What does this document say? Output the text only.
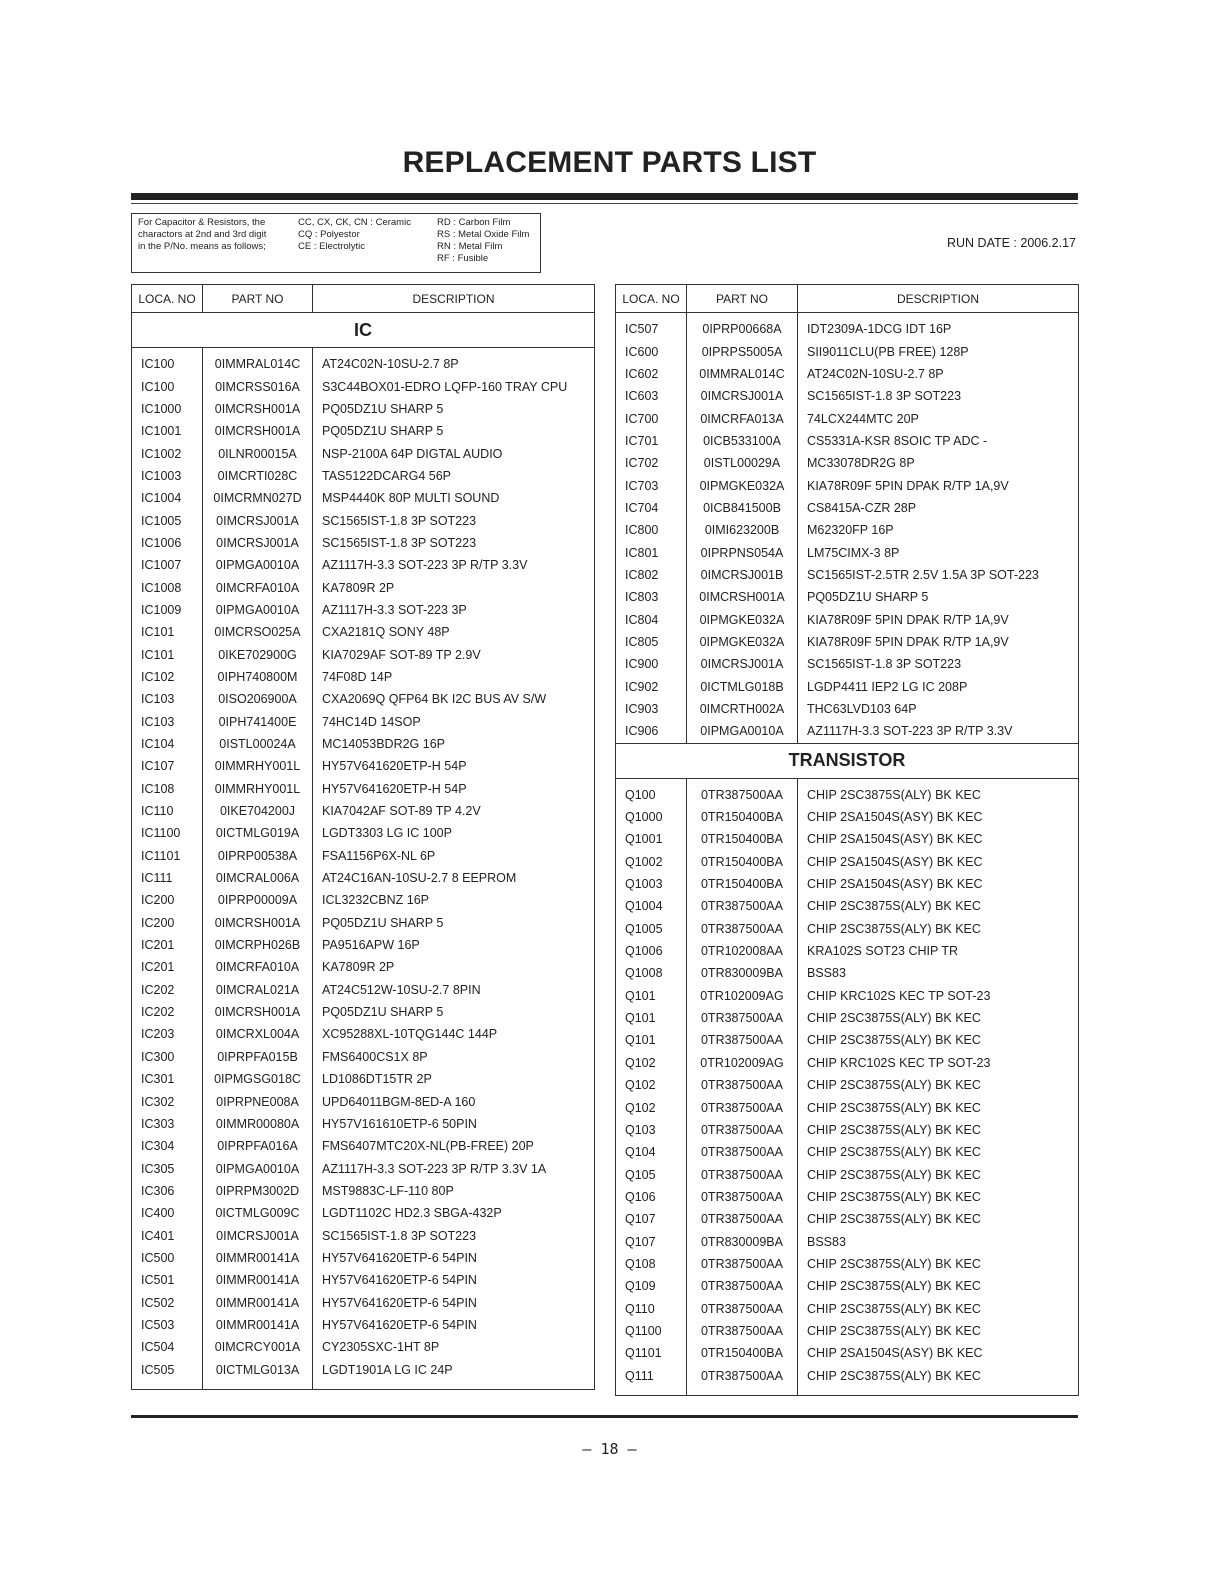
REPLACEMENT PARTS LIST
For Capacitor & Resistors, the
charactors at 2nd and 3rd digit
in the P/No. means as follows;
CC, CX, CK, CN : Ceramic
CQ : Polyestor
CE : Electrolytic
RD : Carbon Film
RS : Metal Oxide Film
RN : Metal Film
RF : Fusible
RUN DATE : 2006.2.17
LOCA. NO	PART NO	DESCRIPTION
IC		

IC100	0IMMRAL014C	AT24C02N-10SU-2.7 8P
IC100	0IMCRSS016A	S3C44BOX01-EDRO LQFP-160 TRAY CPU
IC1000	0IMCRSH001A	PQ05DZ1U SHARP 5
IC1001	0IMCRSH001A	PQ05DZ1U SHARP 5
IC1002	0ILNR00015A	NSP-2100A 64P DIGTAL AUDIO
IC1003	0IMCRTI028C	TAS5122DCARG4 56P
IC1004	0IMCRMN027D	MSP4440K 80P MULTI SOUND
IC1005	0IMCRSJ001A	SC1565IST-1.8 3P SOT223
IC1006	0IMCRSJ001A	SC1565IST-1.8 3P SOT223
IC1007	0IPMGA0010A	AZ1117H-3.3 SOT-223 3P R/TP 3.3V
IC1008	0IMCRFA010A	KA7809R 2P
IC1009	0IPMGA0010A	AZ1117H-3.3 SOT-223 3P
IC101	0IMCRSO025A	CXA2181Q SONY 48P
IC101	0IKE702900G	KIA7029AF SOT-89 TP 2.9V
IC102	0IPH740800M	74F08D 14P
IC103	0ISO206900A	CXA2069Q QFP64 BK I2C BUS AV S/W
IC103	0IPH741400E	74HC14D 14SOP
IC104	0ISTL00024A	MC14053BDR2G 16P
IC107	0IMMRHY001L	HY57V641620ETP-H 54P
IC108	0IMMRHY001L	HY57V641620ETP-H 54P
IC110	0IKE704200J	KIA7042AF SOT-89 TP 4.2V
IC1100	0ICTMLG019A	LGDT3303 LG IC 100P
IC1101	0IPRP00538A	FSA1156P6X-NL 6P
IC111	0IMCRAL006A	AT24C16AN-10SU-2.7 8 EEPROM
IC200	0IPRP00009A	ICL3232CBNZ 16P
IC200	0IMCRSH001A	PQ05DZ1U SHARP 5
IC201	0IMCRPH026B	PA9516APW 16P
IC201	0IMCRFA010A	KA7809R 2P
IC202	0IMCRAL021A	AT24C512W-10SU-2.7 8PIN
IC202	0IMCRSH001A	PQ05DZ1U SHARP 5
IC203	0IMCRXL004A	XC95288XL-10TQG144C 144P
IC300	0IPRPFA015B	FMS6400CS1X 8P
IC301	0IPMGSG018C	LD1086DT15TR 2P
IC302	0IPRPNE008A	UPD64011BGM-8ED-A 160
IC303	0IMMR00080A	HY57V161610ETP-6 50PIN
IC304	0IPRPFA016A	FMS6407MTC20X-NL(PB-FREE) 20P
IC305	0IPMGA0010A	AZ1117H-3.3 SOT-223 3P R/TP 3.3V 1A
IC306	0IPRPM3002D	MST9883C-LF-110 80P
IC400	0ICTMLG009C	LGDT1102C HD2.3 SBGA-432P
IC401	0IMCRSJ001A	SC1565IST-1.8 3P SOT223
IC500	0IMMR00141A	HY57V641620ETP-6 54PIN
IC501	0IMMR00141A	HY57V641620ETP-6 54PIN
IC502	0IMMR00141A	HY57V641620ETP-6 54PIN
IC503	0IMMR00141A	HY57V641620ETP-6 54PIN
IC504	0IMCRCY001A	CY2305SXC-1HT 8P
IC505	0ICTMLG013A	LGDT1901A LG IC 24P

LOCA. NO	PART NO	DESCRIPTION

IC507	0IPRP00668A	IDT2309A-1DCG IDT 16P
IC600	0IPRPS5005A	SII9011CLU(PB FREE) 128P
IC602	0IMMRAL014C	AT24C02N-10SU-2.7 8P
IC603	0IMCRSJ001A	SC1565IST-1.8 3P SOT223
IC700	0IMCRFA013A	74LCX244MTC 20P
IC701	0ICB533100A	CS5331A-KSR 8SOIC TP ADC -
IC702	0ISTL00029A	MC33078DR2G 8P
IC703	0IPMGKE032A	KIA78R09F 5PIN DPAK R/TP 1A,9V
IC704	0ICB841500B	CS8415A-CZR 28P
IC800	0IMI623200B	M62320FP 16P
IC801	0IPRPNS054A	LM75CIMX-3 8P
IC802	0IMCRSJ001B	SC1565IST-2.5TR 2.5V 1.5A 3P SOT-223
IC803	0IMCRSH001A	PQ05DZ1U SHARP 5
IC804	0IPMGKE032A	KIA78R09F 5PIN DPAK R/TP 1A,9V
IC805	0IPMGKE032A	KIA78R09F 5PIN DPAK R/TP 1A,9V
IC900	0IMCRSJ001A	SC1565IST-1.8 3P SOT223
IC902	0ICTMLG018B	LGDP4411 IEP2 LG IC 208P
IC903	0IMCRTH002A	THC63LVD103 64P
IC906	0IPMGA0010A	AZ1117H-3.3 SOT-223 3P R/TP 3.3V
TRANSISTOR		

Q100	0TR387500AA	CHIP 2SC3875S(ALY) BK KEC
Q1000	0TR150400BA	CHIP 2SA1504S(ASY) BK KEC
Q1001	0TR150400BA	CHIP 2SA1504S(ASY) BK KEC
Q1002	0TR150400BA	CHIP 2SA1504S(ASY) BK KEC
Q1003	0TR150400BA	CHIP 2SA1504S(ASY) BK KEC
Q1004	0TR387500AA	CHIP 2SC3875S(ALY) BK KEC
Q1005	0TR387500AA	CHIP 2SC3875S(ALY) BK KEC
Q1006	0TR102008AA	KRA102S SOT23 CHIP TR
Q1008	0TR830009BA	BSS83
Q101	0TR102009AG	CHIP KRC102S KEC TP SOT-23
Q101	0TR387500AA	CHIP 2SC3875S(ALY) BK KEC
Q101	0TR387500AA	CHIP 2SC3875S(ALY) BK KEC
Q102	0TR102009AG	CHIP KRC102S KEC TP SOT-23
Q102	0TR387500AA	CHIP 2SC3875S(ALY) BK KEC
Q102	0TR387500AA	CHIP 2SC3875S(ALY) BK KEC
Q103	0TR387500AA	CHIP 2SC3875S(ALY) BK KEC
Q104	0TR387500AA	CHIP 2SC3875S(ALY) BK KEC
Q105	0TR387500AA	CHIP 2SC3875S(ALY) BK KEC
Q106	0TR387500AA	CHIP 2SC3875S(ALY) BK KEC
Q107	0TR387500AA	CHIP 2SC3875S(ALY) BK KEC
Q107	0TR830009BA	BSS83
Q108	0TR387500AA	CHIP 2SC3875S(ALY) BK KEC
Q109	0TR387500AA	CHIP 2SC3875S(ALY) BK KEC
Q110	0TR387500AA	CHIP 2SC3875S(ALY) BK KEC
Q1100	0TR387500AA	CHIP 2SC3875S(ALY) BK KEC
Q1101	0TR150400BA	CHIP 2SA1504S(ASY) BK KEC
Q111	0TR387500AA	CHIP 2SC3875S(ALY) BK KEC

– 18 –
